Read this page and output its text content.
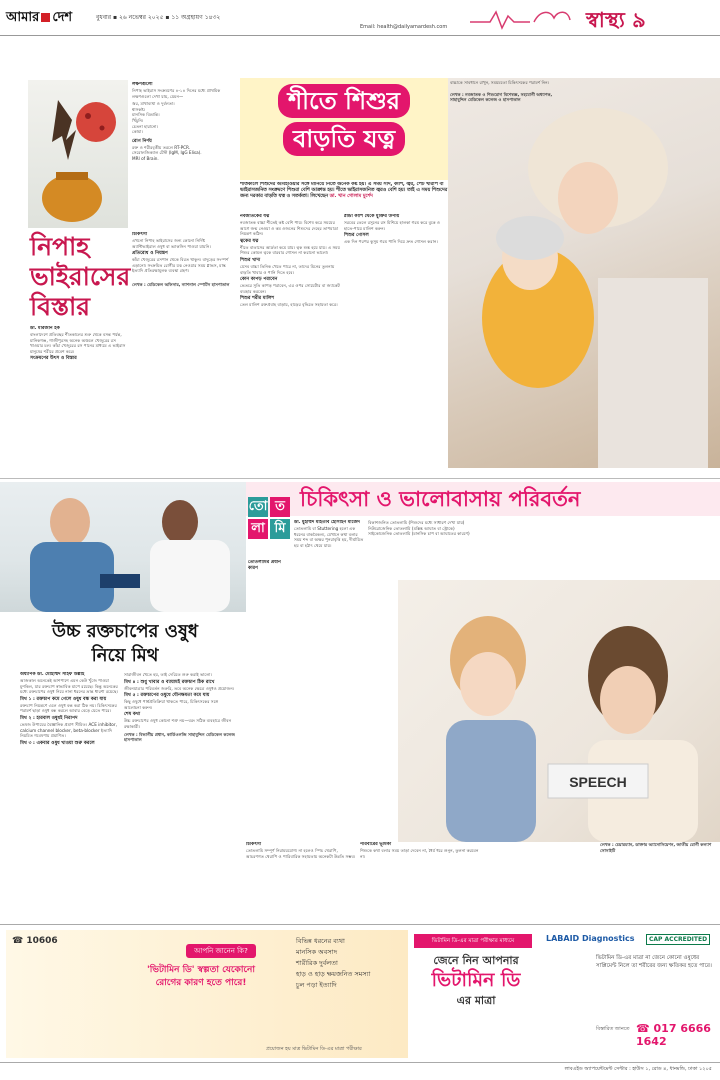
আমার দেশ	বুধবার ▪ ২৬ নভেম্বর ২০২৫ ▪ ১১ অগ্রহায়ণ ১৪৩২
Email: health@dailyamardesh.com	স্বাস্থ্য ৯
লক্ষণগুলো

নিপাহ ভাইরাস সংক্রমণের ৪-১৪ দিনের মধ্যে প্রাথমিক লক্ষণগুলো দেখা যায়, যেমন—

জ্বর, মাথাব্যথা ও দুর্বলতা।
শ্বাসকষ্ট।
মানসিক বিভ্রান্তি।
খিঁচুনি।
চেতনা হারানো।
কোমা।
রোগ নির্ণয়
রক্ত ও শরীরবৃত্তীয় তরলে RT-PCR.
সেরোলজিক্যাল টেস্ট (IgM, IgG Elisa).
MRI of Brain.
নিপাহ
ভাইরাসের
বিস্তার
ডা. মারজান হক

বাংলাদেশে প্রতিবছর শীতকালের শুরু থেকে বসন্ত পর্যন্ত, মানিকগঞ্জ, গাজীপুরসহ অনেক অঞ্চলে খেজুরের রস খাওয়ার চল। কাঁচা খেজুরের রস পানের মাধ্যমে এ ভাইরাস মানুষের শরীরে প্রবেশ করে।

সংক্রমণের উৎস ও বিস্তার
চিকিৎসা

এখনো নিপাহ ভাইরাসের জন্য কোনো নির্দিষ্ট অ্যান্টিভাইরাল ওষুধ বা ভ্যাকসিন পাওয়া যায়নি।

প্রতিরোধ ও নিয়ন্ত্রণ

কাঁচা খেজুরের রসপান থেকে বিরত থাকুন। বাদুড়ের সংস্পর্শ এড়ানো। সংক্রমিত রোগীর যত্ন নেওয়ার সময় গ্লাভস, মাস্ক ইত্যাদি প্রতিরক্ষামূলক ব্যবস্থা গ্রহণ।

লেখক : মেডিকেল অফিসার, ন্যাশনাল স্পোর্টস হাসপাতাল

শীতে শিশুর
বাড়তি যত্ন
শীতকালে শিশুদের আবহাওয়ার সঙ্গে মানিয়ে নিতে অনেক কষ্ট হয়। এ সময় সর্দি, কাশি, জ্বর, পেট খারাপ বা ভাইরাসজনিত সংক্রমণে শিশুরা বেশি আক্রান্ত হয়। শীতে ভাইরাসজনিত জ্বরও বেশি হয়। তাই এ সময় শিশুদের জন্য দরকার বাড়তি যত্ন ও সতর্কতা। লিখেছেন ডা. খান গোলাম মুর্শেদ
নবজাতকের যত্ন

নবজাতক বাচ্চা শীতেই কষ্ট বেশি পায়। বিশেষ করে সময়ের আগে জন্ম নেওয়া ও কম ওজনের শিশুদের দেহের তাপমাত্রা নিয়ন্ত্রণ কঠিন।

ত্বকের যত্ন

শীতে বাতাসের আর্দ্রতা কমে যায়। ত্বক শুষ্ক হয়ে যায়। এ সময় শিশুর কোমল ত্বকে বারবার গোসল না করানো ভালো।

শিশুর খাদ্য

যেসব বাচ্চা তিনিক খেতে পারে না, তাদের মিনের তুলনায় বাড়তি খাবার ও পানি দিতে হবে।

কোন কাপড় পরাবেন

ভেতরে সুতি কাপড় পরাবেন, এর ওপর সোয়েটার বা জ্যাকেট ব্যবহার করবেন।

শিশুর শরীর মালিশ

তেল মালিশ রক্তপ্রবাহ বাড়ায়, হাড়ের বৃদ্ধিতে সহায়তা করে।

ঠান্ডা কাশি থেকে মুক্তির উপায়

সরবের তেলে রসুনের রস মিশিয়ে হালকা গরম করে বুকে ও হাতে-পায়ে মালিশ করুন।

শিশুর গোসল

এক দিন পরপর কুসুম গরম পানি দিয়ে দ্রুত গোসল করান।

বাচ্চাকে সাবধানে রাখুন, সময়মতো চিকিৎসকের পরামর্শ নিন।

লেখক : নবজাতক ও শিশুরোগ বিশেষজ্ঞ, সহযোগী অধ্যাপক, সাহাবুদ্দিন মেডিকেল কলেজ ও হাসপাতাল

উচ্চ রক্তচাপের ওষুধ
নিয়ে মিথ
অধ্যাপক ডা. মোহাম্মদ সাইফ উল্লাহ

আজকাল অনেকেই আশপাশে এমন কেউ খুঁজে পাওয়া মুশকিল, যার রক্তচাপ স্বাভাবিক মাপে রয়েছে। কিন্তু অনেকের মধ্যে রক্তচাপের ওষুধ নিয়ে নানা ধরনের ভ্রান্ত ধারণা রয়েছে।

মিথ ১ : রক্তচাপ কমে গেলে ওষুধ বন্ধ করা যায়

রক্তচাপ নিয়ন্ত্রণে এলে ওষুধ বন্ধ করা ঠিক নয়। চিকিৎসকের পরামর্শ ছাড়া ওষুধ বন্ধ করলে আবার বেড়ে যেতে পারে।

মিথ ২ : হারবাল ওষুধই নিরাপদ

ভেষজ উপায়ের বৈজ্ঞানিক প্রমাণ সীমিত। ACE inhibitor, calcium channel blocker, beta-blocker ইত্যাদি নিয়মিত গবেষণায় প্রমাণিত।

মিথ ৩ : একবার ওষুধ খাওয়া শুরু করলে

সারাজীবন খেতে হয়, তাই দেরিতে শুরু করাই ভালো।

মিথ ৪ : শুধু খাবার ও ব্যায়ামই রক্তচাপ ঠিক রাখে

জীবনযাত্রার পরিবর্তন জরুরি, তবে অনেক ক্ষেত্রে ওষুধও প্রয়োজন।

মিথ ৫ : রক্তচাপের ওষুধে যৌনক্ষমতা কমে যায়

কিছু ওষুধে পার্শ্বপ্রতিক্রিয়া থাকতে পারে, চিকিৎসকের সঙ্গে আলোচনা করুন।

শেষ কথা

উচ্চ রক্তচাপের ওষুধ কোনো শত্রু নয়—বরং সঠিক ব্যবহারে জীবন রক্ষাকারী।

লেখক : বিভাগীয় প্রধান, কার্ডিওলজি সাহাবুদ্দিন মেডিকেল কলেজ হাসপাতাল

চিকিৎসা ও ভালোবাসায় পরিবর্তন
তো ত
লা মি	ডা. মুহাম্মদ মাহতাব হোসাইন মাজেদ

তোতলামি বা Stuttering হলো এক ধরনের বাকবৈকল্য, যেখানে কথা বলার সময় শব্দ বা অক্ষর পুনরাবৃত্তি হয়, দীর্ঘায়িত হয় বা হঠাৎ থেমে যায়।

তোতলামির প্রধান কারণ
বিকাশজনিত তোতলামি (শিশুদের মধ্যে সাধারণ দেখা যায়)
নিউরোজেনিক তোতলামি (মস্তিষ্ক আঘাত বা স্ট্রোকে)
সাইকোজেনিক তোতলামি (মানসিক চাপ বা আঘাতের কারণে)
SPEECH
চিকিৎসা

তোতলামি সম্পূর্ণ নিরাময়যোগ্য না হলেও স্পিচ থেরাপি, আচরণগত থেরাপি ও পারিবারিক সহায়তায় অনেকটা উন্নতি সম্ভব।

পরিবারের ভূমিকা

শিশুকে কথা বলার সময় তাড়া দেবেন না, ধৈর্য ধরে শুনুন, তুলনা করবেন না।

লেখক : চেয়ারম্যান, ডাক্তার অ্যাসোসিয়েশন, জাতীয় রোগী কল্যাণ সোসাইটি

☎ 10606
আপনি জানেন কি?
'ভিটামিন ডি' স্বল্পতা যেকোনো রোগের কারণ হতে পারে!
বিভিন্ন ধরনের ব্যথা
মানসিক অবসাদ
শারীরিক দুর্বলতা
হাড় ও হাড় ক্ষয়জনিত সমস্যা
চুল পড়া ইত্যাদি
প্রয়োজন হয় মাত্র ভিটামিন ডি-এর মাত্রা পরীক্ষার
ভিটামিন ডি-এর মাত্রা পরীক্ষার মাধ্যমে
জেনে নিন আপনার
ভিটামিন ডি
এর মাত্রা
LABAID Diagnostics	CAP ACCREDITED
ভিটামিন ডি-এর মাত্রা না জেনে কোনো ওষুধের সাপ্লিমেন্ট নিলে তা শরীরের জন্য ক্ষতিকর হতে পারে।
বিস্তারিত জানতে ☎ 017 6666 1642
লাবএইড অ্যাপয়েন্টমেন্ট সেন্টার : হাউস ১, রোড ৪, ধানমন্ডি, ঢাকা ১২০৫
